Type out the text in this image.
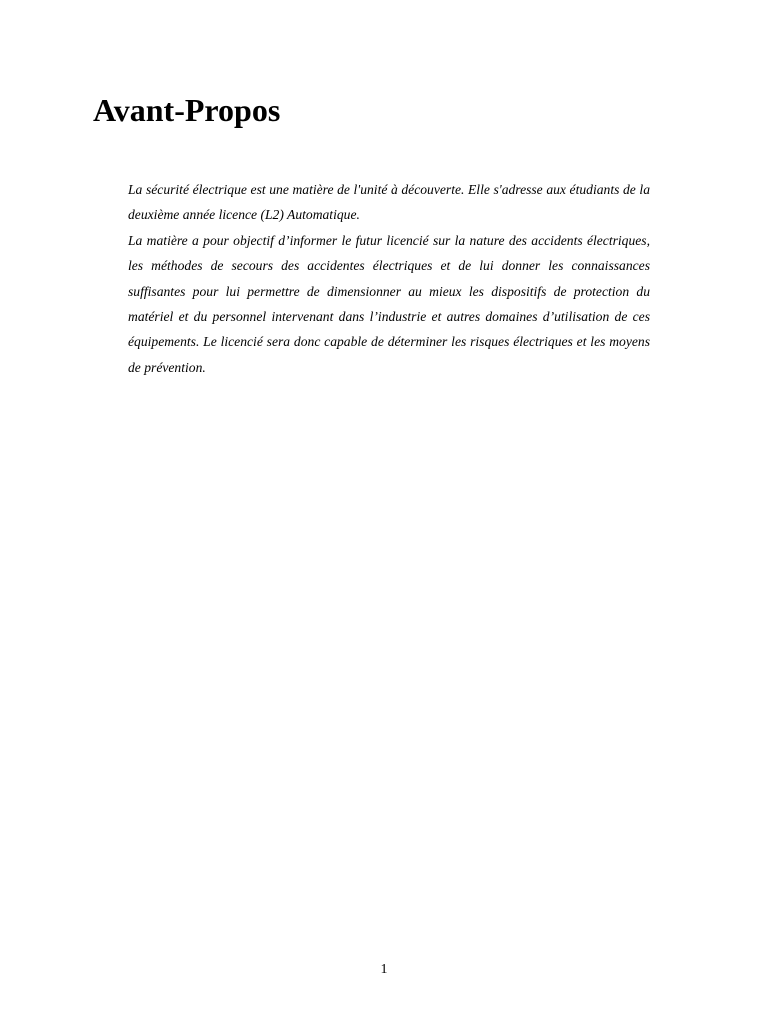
Avant-Propos

La sécurité électrique est une matière de l'unité à découverte. Elle s'adresse aux étudiants de la deuxième année licence (L2) Automatique.

La matière a pour objectif d’informer le futur licencié sur la nature des accidents électriques, les méthodes de secours des accidentes électriques et de lui donner les connaissances suffisantes pour lui permettre de dimensionner au mieux les dispositifs de protection du matériel et du personnel intervenant dans l’industrie et autres domaines d’utilisation de ces équipements. Le licencié sera donc capable de déterminer les risques électriques et les moyens de prévention.

1
